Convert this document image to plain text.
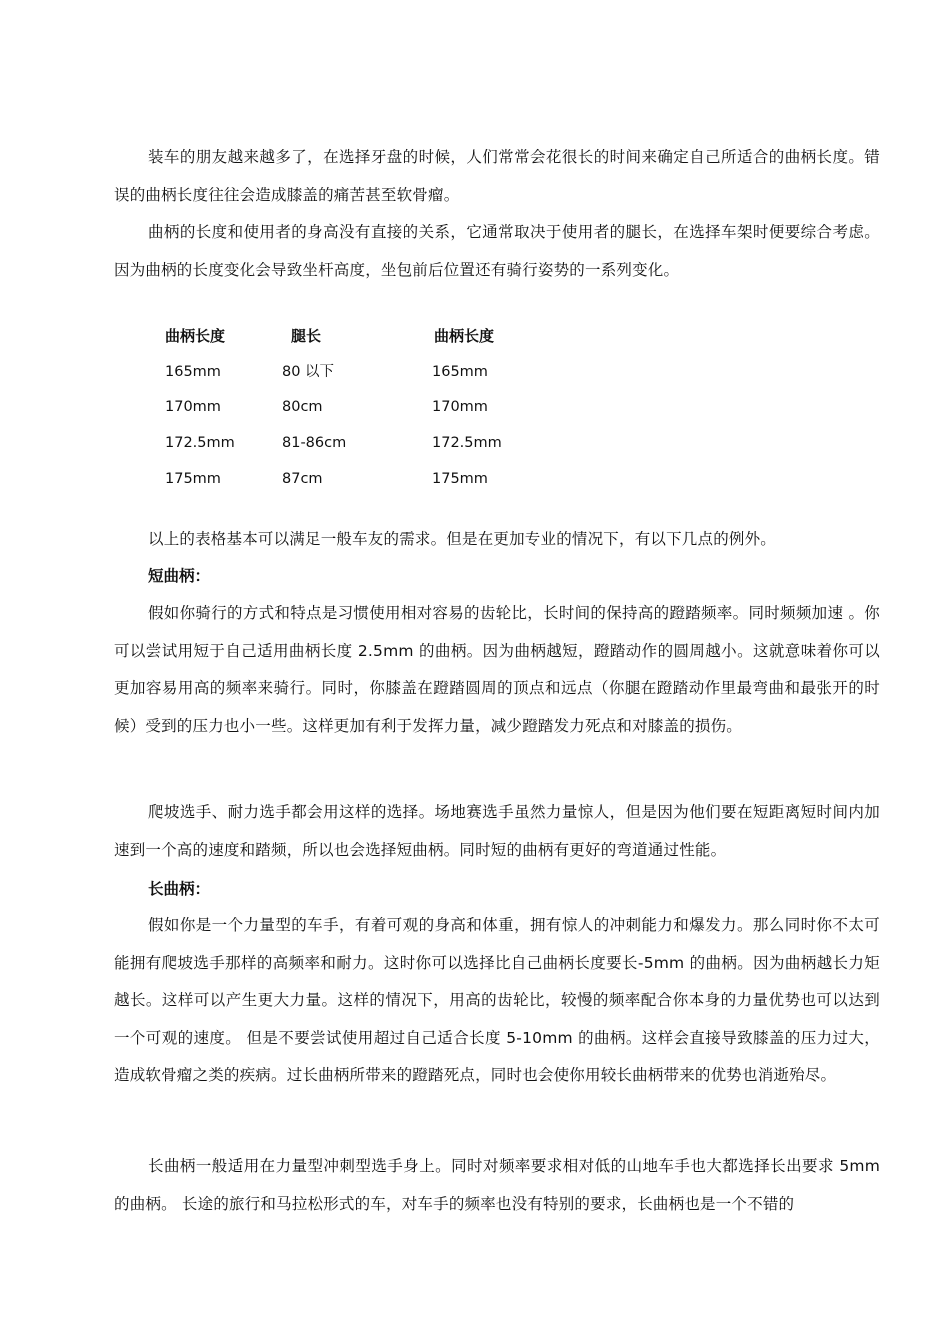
装车的朋友越来越多了，在选择牙盘的时候，人们常常会花很长的时间来确定自己所适合的曲柄长度。错误的曲柄长度往往会造成膝盖的痛苦甚至软骨瘤。

曲柄的长度和使用者的身高没有直接的关系，它通常取决于使用者的腿长，在选择车架时便要综合考虑。因为曲柄的长度变化会导致坐杆高度，坐包前后位置还有骑行姿势的一系列变化。

曲柄长度	腿长	曲柄长度
165mm	80 以下	165mm
170mm	80cm	170mm
172.5mm	81-86cm	172.5mm
175mm	87cm	175mm

以上的表格基本可以满足一般车友的需求。但是在更加专业的情况下，有以下几点的例外。

短曲柄：

假如你骑行的方式和特点是习惯使用相对容易的齿轮比，长时间的保持高的蹬踏频率。同时频频加速 。你可以尝试用短于自己适用曲柄长度 2.5mm 的曲柄。因为曲柄越短，蹬踏动作的圆周越小。这就意味着你可以更加容易用高的频率来骑行。同时，你膝盖在蹬踏圆周的顶点和远点（你腿在蹬踏动作里最弯曲和最张开的时候）受到的压力也小一些。这样更加有利于发挥力量，减少蹬踏发力死点和对膝盖的损伤。

爬坡选手、耐力选手都会用这样的选择。场地赛选手虽然力量惊人，但是因为他们要在短距离短时间内加速到一个高的速度和踏频，所以也会选择短曲柄。同时短的曲柄有更好的弯道通过性能。

长曲柄：

假如你是一个力量型的车手，有着可观的身高和体重，拥有惊人的冲刺能力和爆发力。那么同时你不太可能拥有爬坡选手那样的高频率和耐力。这时你可以选择比自己曲柄长度要长-5mm 的曲柄。因为曲柄越长力矩越长。这样可以产生更大力量。这样的情况下，用高的齿轮比，较慢的频率配合你本身的力量优势也可以达到一个可观的速度。 但是不要尝试使用超过自己适合长度 5-10mm 的曲柄。这样会直接导致膝盖的压力过大，造成软骨瘤之类的疾病。过长曲柄所带来的蹬踏死点，同时也会使你用较长曲柄带来的优势也消逝殆尽。

长曲柄一般适用在力量型冲刺型选手身上。同时对频率要求相对低的山地车手也大都选择长出要求 5mm 的曲柄。 长途的旅行和马拉松形式的车，对车手的频率也没有特别的要求，长曲柄也是一个不错的
